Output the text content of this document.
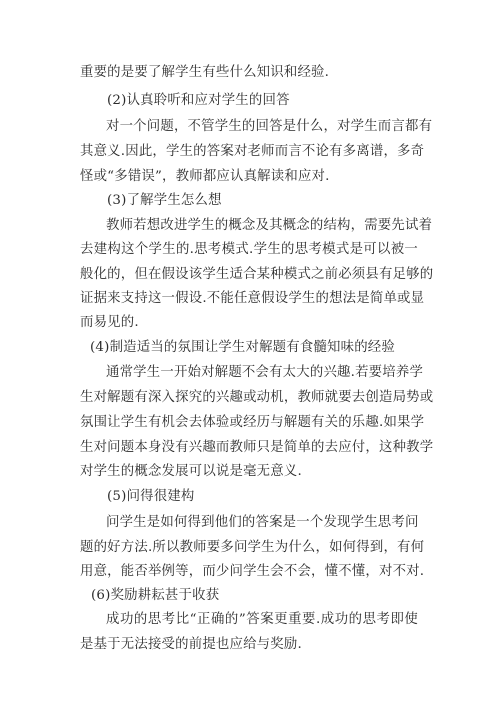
重要的是要了解学生有些什么知识和经验.
(2)认真聆听和应对学生的回答
对一个问题，不管学生的回答是什么，对学生而言都有
其意义.因此，学生的答案对老师而言不论有多离谱，多奇
怪或“多错误”，教师都应认真解读和应对.
(3)了解学生怎么想
教师若想改进学生的概念及其概念的结构，需要先试着
去建构这个学生的.思考模式.学生的思考模式是可以被一
般化的，但在假设该学生适合某种模式之前必须县有足够的
证据来支持这一假设.不能任意假设学生的想法是简单或显
而易见的.
(4)制造适当的氛围让学生对解题有食髓知味的经验
通常学生一开始对解题不会有太大的兴趣.若要培养学
生对解题有深入探究的兴趣或动机，教师就要去创造局势或
氛围让学生有机会去体验或经历与解题有关的乐趣.如果学
生对问题本身没有兴趣而教师只是简单的去应付，这种教学
对学生的概念发展可以说是毫无意义.
(5)问得很建构
问学生是如何得到他们的答案是一个发现学生思考问
题的好方法.所以教师要多问学生为什么，如何得到，有何
用意，能否举例等，而少问学生会不会，懂不懂，对不对.
(6)奖励耕耘甚于收获
成功的思考比“正确的”答案更重要.成功的思考即使
是基于无法接受的前提也应给与奖励.
